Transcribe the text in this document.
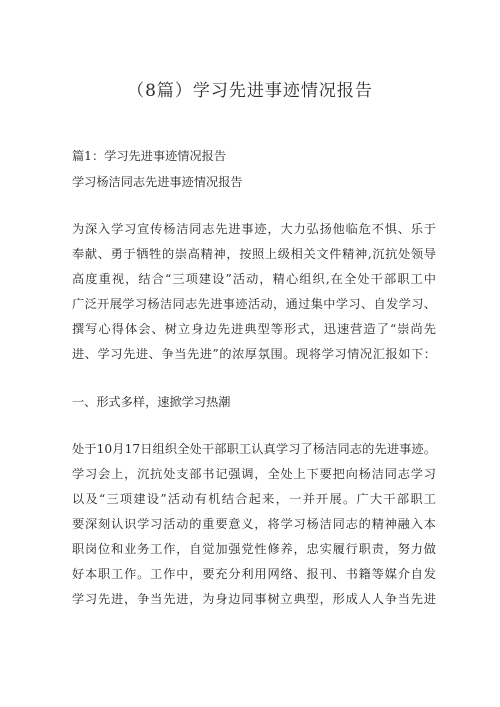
（8篇）学习先进事迹情况报告
篇1：学习先进事迹情况报告
学习杨洁同志先进事迹情况报告
为深入学习宣传杨洁同志先进事迹，大力弘扬他临危不惧、乐于
奉献、勇于牺牲的崇高精神，按照上级相关文件精神,沉抗处领导
高度重视，结合“三项建设”活动，精心组织,在全处干部职工中
广泛开展学习杨洁同志先进事迹活动，通过集中学习、自发学习、
撰写心得体会、树立身边先进典型等形式，迅速营造了“崇尚先
进、学习先进、争当先进”的浓厚氛围。现将学习情况汇报如下：
一、形式多样，速掀学习热潮
处于10月17日组织全处干部职工认真学习了杨洁同志的先进事迹。
学习会上，沉抗处支部书记强调，全处上下要把向杨洁同志学习
以及“三项建设”活动有机结合起来，一并开展。广大干部职工
要深刻认识学习活动的重要意义，将学习杨洁同志的精神融入本
职岗位和业务工作，自觉加强党性修养，忠实履行职责，努力做
好本职工作。工作中，要充分利用网络、报刊、书籍等媒介自发
学习先进，争当先进，为身边同事树立典型，形成人人争当先进
